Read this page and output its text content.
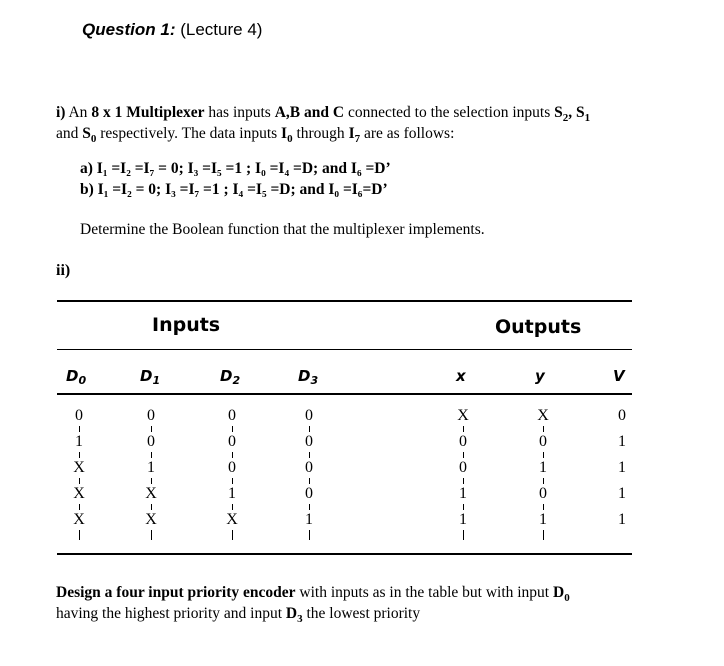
Question 1: (Lecture 4)
i) An 8 x 1 Multiplexer has inputs A,B and C connected to the selection inputs $S_2$, $S_1$
and $S_0$ respectively. The data inputs $I_0$ through $I_7$ are as follows:
a) I₁ =I₂ =I₇ = 0; I₃ =I₅ =1 ; I₀ =I₄ =D; and I₆ =D’
b) I₁ =I₂ = 0; I₃ =I₇ =1 ; I₄ =I₅ =D; and I₀ =I₆=D’
Determine the Boolean function that the multiplexer implements.
ii)
Inputs	Outputs
$D_0$	$D_1$	$D_2$	$D_3$	x	y	V
0	0	0	0	X	X	0
1	0	0	0	0	0	1
X	1	0	0	0	1	1
X	X	1	0	1	0	1
X	X	X	1	1	1	1
Design a four input priority encoder with inputs as in the table but with input $D_0$
having the highest priority and input $D_3$ the lowest priority
